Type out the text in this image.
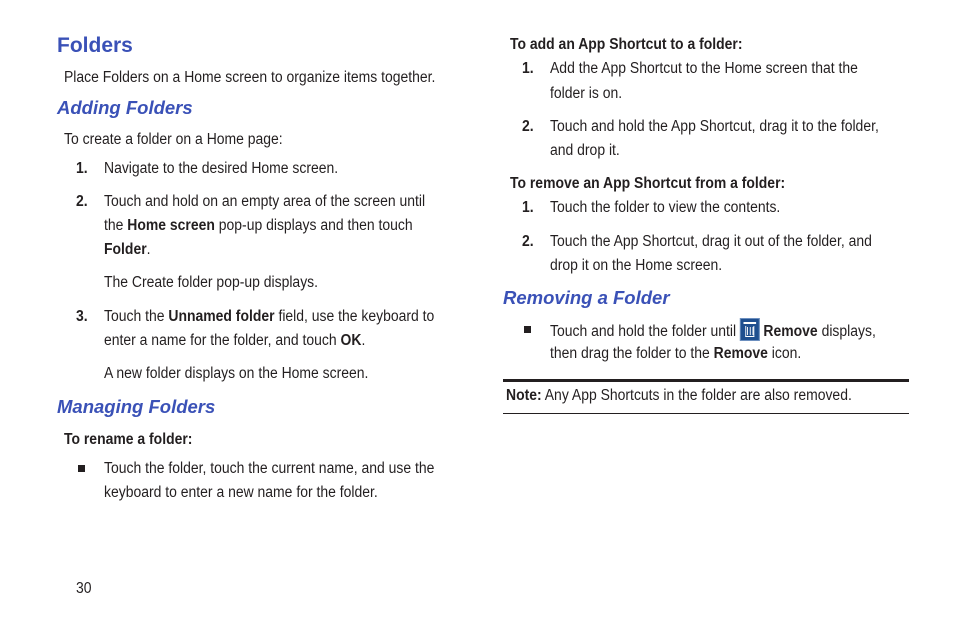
Folders
Place Folders on a Home screen to organize items together.
Adding Folders
To create a folder on a Home page:
1. Navigate to the desired Home screen.
2. Touch and hold on an empty area of the screen until
the Home screen pop-up displays and then touch
Folder.
The Create folder pop-up displays.
3. Touch the Unnamed folder field, use the keyboard to
enter a name for the folder, and touch OK.
A new folder displays on the Home screen.
Managing Folders
To rename a folder:
Touch the folder, touch the current name, and use the
keyboard to enter a new name for the folder.
To add an App Shortcut to a folder:
1. Add the App Shortcut to the Home screen that the
folder is on.
2. Touch and hold the App Shortcut, drag it to the folder,
and drop it.
To remove an App Shortcut from a folder:
1. Touch the folder to view the contents.
2. Touch the App Shortcut, drag it out of the folder, and
drop it on the Home screen.
Removing a Folder
Touch and hold the folder until
Remove displays,
then drag the folder to the Remove icon.
Note: Any App Shortcuts in the folder are also removed.
30
